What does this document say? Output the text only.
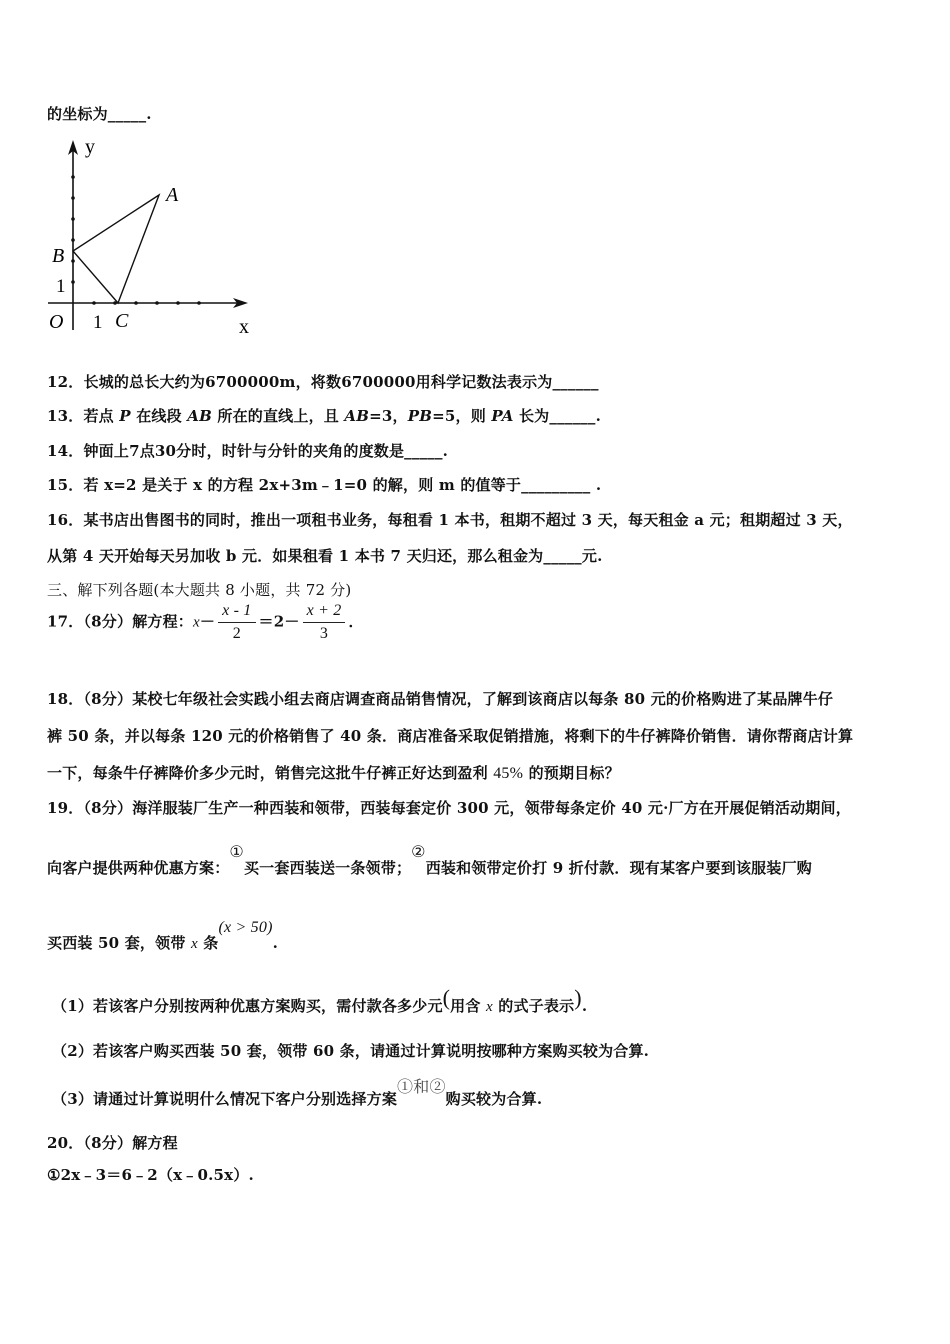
的坐标为_____.
A
B
C
O 1
1
y
x
12．长城的总长大约为6700000m，将数6700000用科学记数法表示为______
13．若点 P 在线段 AB 所在的直线上，且 AB=3，PB=5，则 PA 长为______.
14．钟面上7点30分时，时针与分针的夹角的度数是_____.
15．若 x=2 是关于 x 的方程 2x+3m﹣1=0 的解，则 m 的值等于_________ .
16．某书店出售图书的同时，推出一项租书业务，每租看 1 本书，租期不超过 3 天，每天租金 a 元；租期超过 3 天，
从第 4 天开始每天另加收 b 元．如果租看 1 本书 7 天归还，那么租金为_____元.
三、解下列各题(本大题共 8 小题，共 72 分)
17．（8分）解方程：$x- \frac{x - 1}{2} =2- \frac{x + 2}{3}$ ．
18．（8分）某校七年级社会实践小组去商店调查商品销售情况，了解到该商店以每条 80 元的价格购进了某品牌牛仔
裤 50 条，并以每条 120 元的价格销售了 40 条．商店准备采取促销措施，将剩下的牛仔裤降价销售．请你帮商店计算
一下，每条牛仔裤降价多少元时，销售完这批牛仔裤正好达到盈利 45% 的预期目标？
19．（8分）海洋服装厂生产一种西装和领带，西装每套定价 300 元，领带每条定价 40 元·厂方在开展促销活动期间，
向客户提供两种优惠方案：①买一套西装送一条领带；②西装和领带定价打 9 折付款．现有某客户要到该服装厂购
买西装 50 套，领带 x 条(x > 50).
（1）若该客户分别按两种优惠方案购买，需付款各多少元(用含 x 的式子表示).
（2）若该客户购买西装 50 套，领带 60 条，请通过计算说明按哪种方案购买较为合算.
（3）请通过计算说明什么情况下客户分别选择方案①和②购买较为合算.
20．（8分）解方程
①2x﹣3＝6﹣2（x﹣0.5x）.
